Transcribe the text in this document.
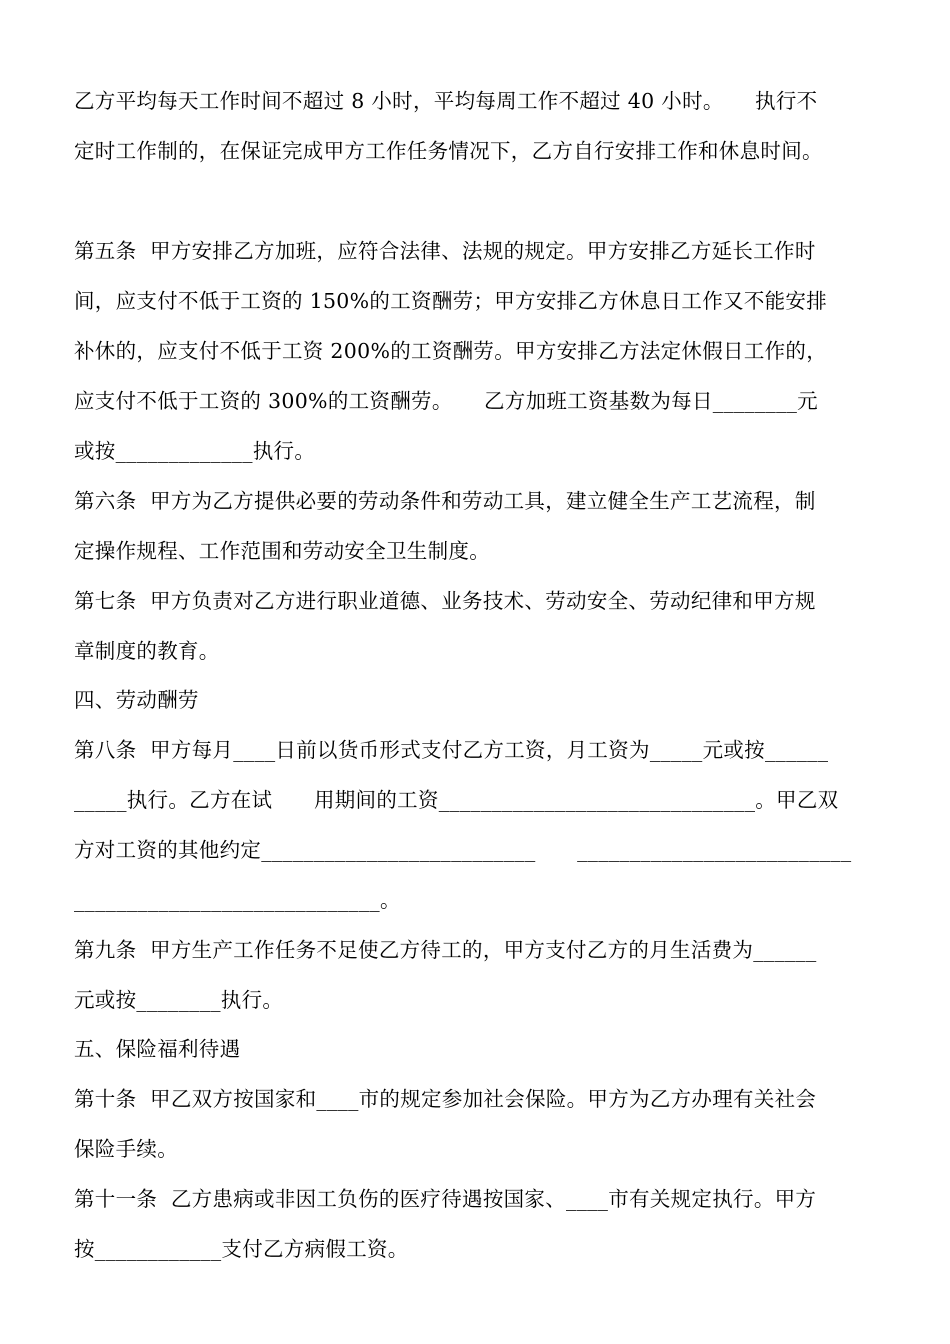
乙方平均每天工作时间不超过 8 小时，平均每周工作不超过 40 小时。　　执行不
定时工作制的，在保证完成甲方工作任务情况下，乙方自行安排工作和休息时间。
第五条  甲方安排乙方加班，应符合法律、法规的规定。甲方安排乙方延长工作时
间，应支付不低于工资的 150%的工资酬劳；甲方安排乙方休息日工作又不能安排
补休的，应支付不低于工资 200%的工资酬劳。甲方安排乙方法定休假日工作的，
应支付不低于工资的 300%的工资酬劳。　　乙方加班工资基数为每日________元
或按_____________执行。
第六条  甲方为乙方提供必要的劳动条件和劳动工具，建立健全生产工艺流程，制
定操作规程、工作范围和劳动安全卫生制度。
第七条  甲方负责对乙方进行职业道德、业务技术、劳动安全、劳动纪律和甲方规
章制度的教育。
四、劳动酬劳
第八条  甲方每月____日前以货币形式支付乙方工资，月工资为_____元或按______
_____执行。乙方在试　　用期间的工资______________________________。甲乙双
方对工资的其他约定__________________________　　__________________________
_____________________________。
第九条  甲方生产工作任务不足使乙方待工的，甲方支付乙方的月生活费为______
元或按________执行。
五、保险福利待遇
第十条  甲乙双方按国家和____市的规定参加社会保险。甲方为乙方办理有关社会
保险手续。
第十一条  乙方患病或非因工负伤的医疗待遇按国家、____市有关规定执行。甲方
按____________支付乙方病假工资。
